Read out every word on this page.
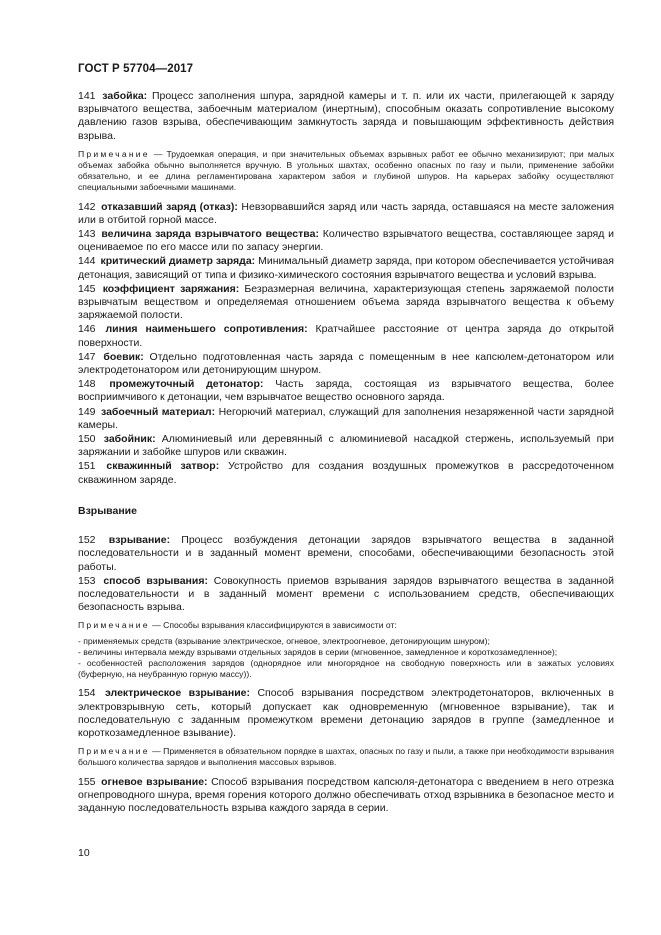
ГОСТ Р 57704—2017
141 забойка: Процесс заполнения шпура, зарядной камеры и т. п. или их части, прилегающей к заряду взрывчатого вещества, забоечным материалом (инертным), способным оказать сопротивление высокому давлению газов взрыва, обеспечивающим замкнутость заряда и повышающим эффективность действия взрыва.
Примечание — Трудоемкая операция, и при значительных объемах взрывных работ ее обычно механизируют; при малых объемах забойка обычно выполняется вручную. В угольных шахтах, особенно опасных по газу и пыли, применение забойки обязательно, и ее длина регламентирована характером забоя и глубиной шпуров. На карьерах забойку осуществляют специальными забоечными машинами.
142 отказавший заряд (отказ): Невзорвавшийся заряд или часть заряда, оставшаяся на месте заложения или в отбитой горной массе.
143 величина заряда взрывчатого вещества: Количество взрывчатого вещества, составляющее заряд и оцениваемое по его массе или по запасу энергии.
144 критический диаметр заряда: Минимальный диаметр заряда, при котором обеспечивается устойчивая детонация, зависящий от типа и физико-химического состояния взрывчатого вещества и условий взрыва.
145 коэффициент заряжания: Безразмерная величина, характеризующая степень заряжаемой полости взрывчатым веществом и определяемая отношением объема заряда взрывчатого вещества к объему заряжаемой полости.
146 линия наименьшего сопротивления: Кратчайшее расстояние от центра заряда до открытой поверхности.
147 боевик: Отдельно подготовленная часть заряда с помещенным в нее капсюлем-детонатором или электродетонатором или детонирующим шнуром.
148 промежуточный детонатор: Часть заряда, состоящая из взрывчатого вещества, более восприимчивого к детонации, чем взрывчатое вещество основного заряда.
149 забоечный материал: Негорючий материал, служащий для заполнения незаряженной части зарядной камеры.
150 забойник: Алюминиевый или деревянный с алюминиевой насадкой стержень, используемый при заряжании и забойке шпуров или скважин.
151 скважинный затвор: Устройство для создания воздушных промежутков в рассредоточенном скважинном заряде.
Взрывание
152 взрывание: Процесс возбуждения детонации зарядов взрывчатого вещества в заданной последовательности и в заданный момент времени, способами, обеспечивающими безопасность этой работы.
153 способ взрывания: Совокупность приемов взрывания зарядов взрывчатого вещества в заданной последовательности и в заданный момент времени с использованием средств, обеспечивающих безопасность взрыва.
Примечание — Способы взрывания классифицируются в зависимости от:
- применяемых средств (взрывание электрическое, огневое, электроогневое, детонирующим шнуром);
- величины интервала между взрывами отдельных зарядов в серии (мгновенное, замедленное и короткозамедленное);
- особенностей расположения зарядов (однорядное или многорядное на свободную поверхность или в зажатых условиях (буферную, на неубранную горную массу)).
154 электрическое взрывание: Способ взрывания посредством электродетонаторов, включенных в электровзрывную сеть, который допускает как одновременную (мгновенное взрывание), так и последовательную с заданным промежутком времени детонацию зарядов в группе (замедленное и короткозамедленное взывание).
Примечание — Применяется в обязательном порядке в шахтах, опасных по газу и пыли, а также при необходимости взрывания большого количества зарядов и выполнения массовых взрывов.
155 огневое взрывание: Способ взрывания посредством капсюля-детонатора с введением в него отрезка огнепроводного шнура, время горения которого должно обеспечивать отход взрывника в безопасное место и заданную последовательность взрыва каждого заряда в серии.
10
